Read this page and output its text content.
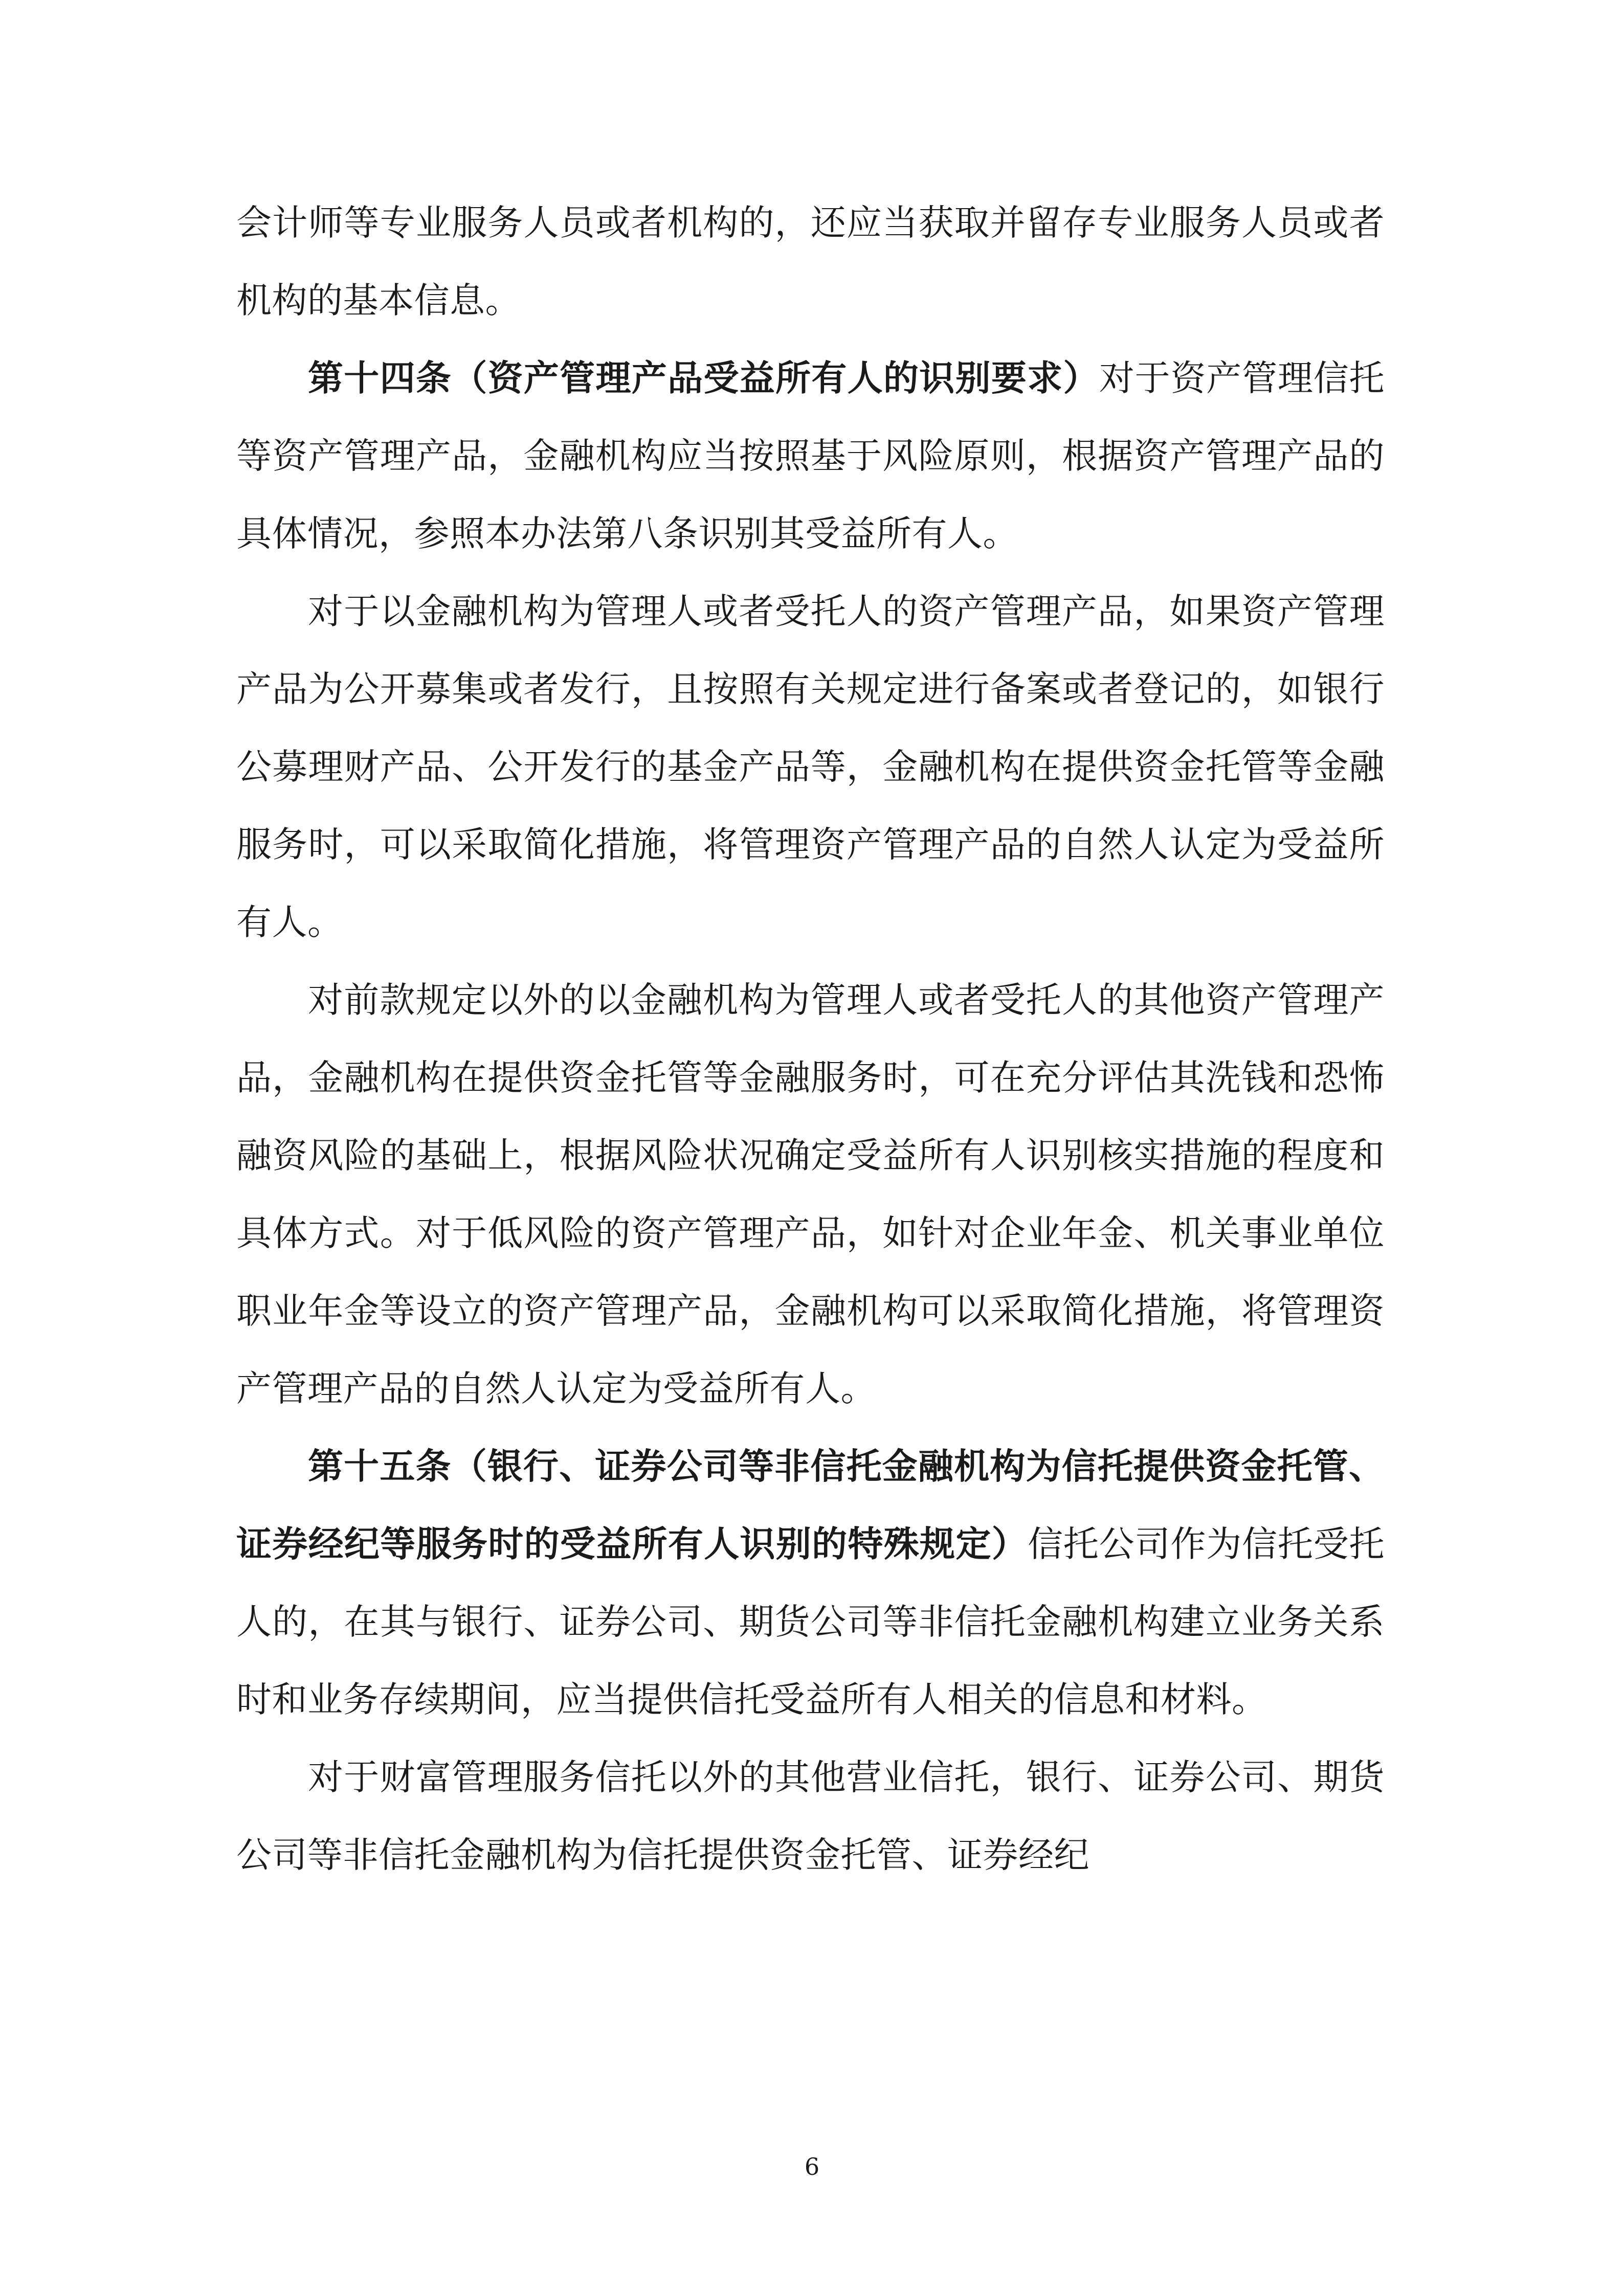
会计师等专业服务人员或者机构的，还应当获取并留存专业服务人员或者机构的基本信息。

第十四条（资产管理产品受益所有人的识别要求）对于资产管理信托等资产管理产品，金融机构应当按照基于风险原则，根据资产管理产品的具体情况，参照本办法第八条识别其受益所有人。

对于以金融机构为管理人或者受托人的资产管理产品，如果资产管理产品为公开募集或者发行，且按照有关规定进行备案或者登记的，如银行公募理财产品、公开发行的基金产品等，金融机构在提供资金托管等金融服务时，可以采取简化措施，将管理资产管理产品的自然人认定为受益所有人。

对前款规定以外的以金融机构为管理人或者受托人的其他资产管理产品，金融机构在提供资金托管等金融服务时，可在充分评估其洗钱和恐怖融资风险的基础上，根据风险状况确定受益所有人识别核实措施的程度和具体方式。对于低风险的资产管理产品，如针对企业年金、机关事业单位职业年金等设立的资产管理产品，金融机构可以采取简化措施，将管理资产管理产品的自然人认定为受益所有人。

第十五条（银行、证券公司等非信托金融机构为信托提供资金托管、证券经纪等服务时的受益所有人识别的特殊规定）信托公司作为信托受托人的，在其与银行、证券公司、期货公司等非信托金融机构建立业务关系时和业务存续期间，应当提供信托受益所有人相关的信息和材料。

对于财富管理服务信托以外的其他营业信托，银行、证券公司、期货公司等非信托金融机构为信托提供资金托管、证券经纪

6
